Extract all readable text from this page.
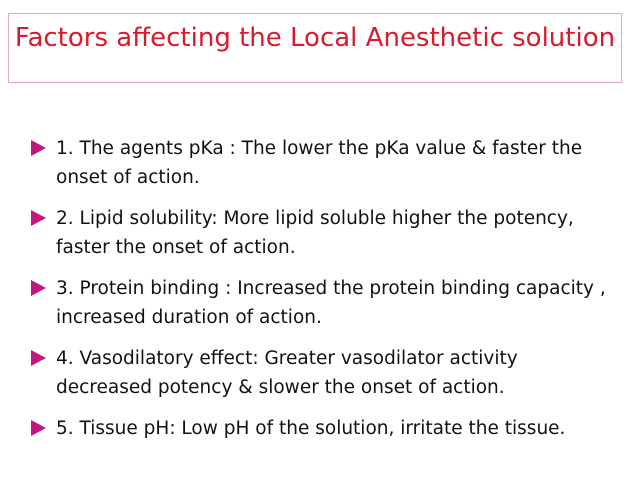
Factors affecting the Local Anesthetic solution
1. The agents pKa : The lower the pKa value & faster the onset of action.
2. Lipid solubility: More lipid soluble higher the potency, faster the onset of action.
3. Protein binding : Increased the protein binding capacity , increased duration of action.
4. Vasodilatory effect: Greater vasodilator activity decreased potency & slower the onset of action.
5. Tissue pH: Low pH of the solution, irritate the tissue.
